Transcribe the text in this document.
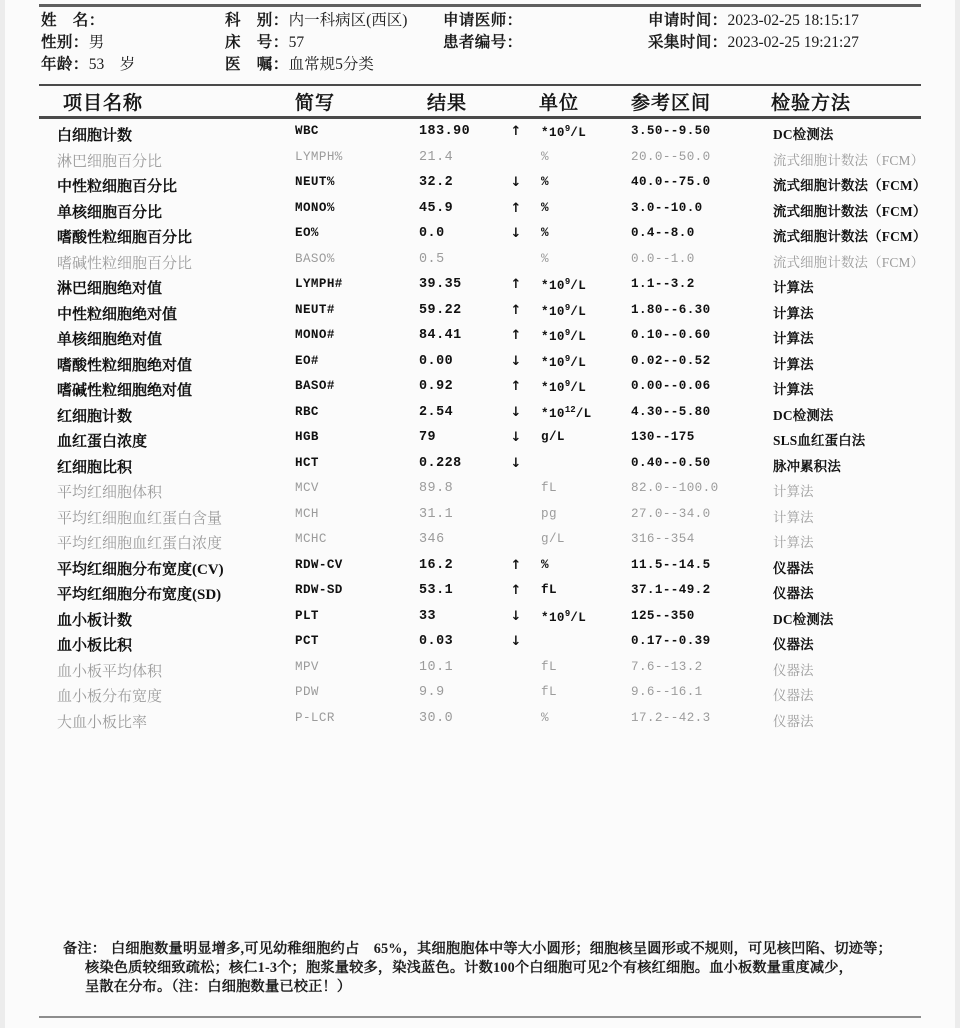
姓　名：	科　别：内一科病区(西区) 申请医师：	申请时间：2023-02-25 18:15:17
性别：男	床　号：57	患者编号：	采集时间：2023-02-25 19:21:27
年龄：53　岁	医　嘱：血常规5分类
项目名称	简写	结果	单位	参考区间	检验方法
白细胞计数	WBC	183.90	↑ $*10^9/L$	3.50--9.50	DC检测法
淋巴细胞百分比	LYMPH%	21.4	%	20.0--50.0	流式细胞计数法（FCM）
中性粒细胞百分比	NEUT%	32.2	↓ %	40.0--75.0	流式细胞计数法（FCM）
单核细胞百分比	MONO%	45.9	↑ %	3.0--10.0	流式细胞计数法（FCM）
嗜酸性粒细胞百分比	EO%	0.0	↓ %	0.4--8.0	流式细胞计数法（FCM）
嗜碱性粒细胞百分比	BASO%	0.5	%	0.0--1.0	流式细胞计数法（FCM）
淋巴细胞绝对值	LYMPH#	39.35	↑ $*10^9/L$	1.1--3.2	计算法
中性粒细胞绝对值	NEUT#	59.22	↑ $*10^9/L$	1.80--6.30	计算法
单核细胞绝对值	MONO#	84.41	↑ $*10^9/L$	0.10--0.60	计算法
嗜酸性粒细胞绝对值	EO#	0.00	↓ $*10^9/L$	0.02--0.52	计算法
嗜碱性粒细胞绝对值	BASO#	0.92	↑ $*10^9/L$	0.00--0.06	计算法
红细胞计数	RBC	2.54	↓ $*10^{12}/L$	4.30--5.80	DC检测法
血红蛋白浓度	HGB	79	↓ g/L	130--175	SLS血红蛋白法
红细胞比积	HCT	0.228	↓	0.40--0.50	脉冲累积法
平均红细胞体积	MCV	89.8	fL	82.0--100.0	计算法
平均红细胞血红蛋白含量	MCH	31.1	pg	27.0--34.0	计算法
平均红细胞血红蛋白浓度	MCHC	346	g/L	316--354	计算法
平均红细胞分布宽度(CV)	RDW-CV	16.2	↑ %	11.5--14.5	仪器法
平均红细胞分布宽度(SD)	RDW-SD	53.1	↑ fL	37.1--49.2	仪器法
血小板计数	PLT	33	↓ $*10^9/L$	125--350	DC检测法
血小板比积	PCT	0.03	↓	0.17--0.39	仪器法
血小板平均体积	MPV	10.1	fL	7.6--13.2	仪器法
血小板分布宽度	PDW	9.9	fL	9.6--16.1	仪器法
大血小板比率	P-LCR	30.0	%	17.2--42.3	仪器法
备注： 白细胞数量明显增多,可见幼稚细胞约占　65%，其细胞胞体中等大小圆形；细胞核呈圆形或不规则，可见核凹陷、切迹等；
核染色质较细致疏松；核仁1-3个；胞浆量较多，染浅蓝色。计数100个白细胞可见2个有核红细胞。血小板数量重度减少，
呈散在分布。（注：白细胞数量已校正！）
